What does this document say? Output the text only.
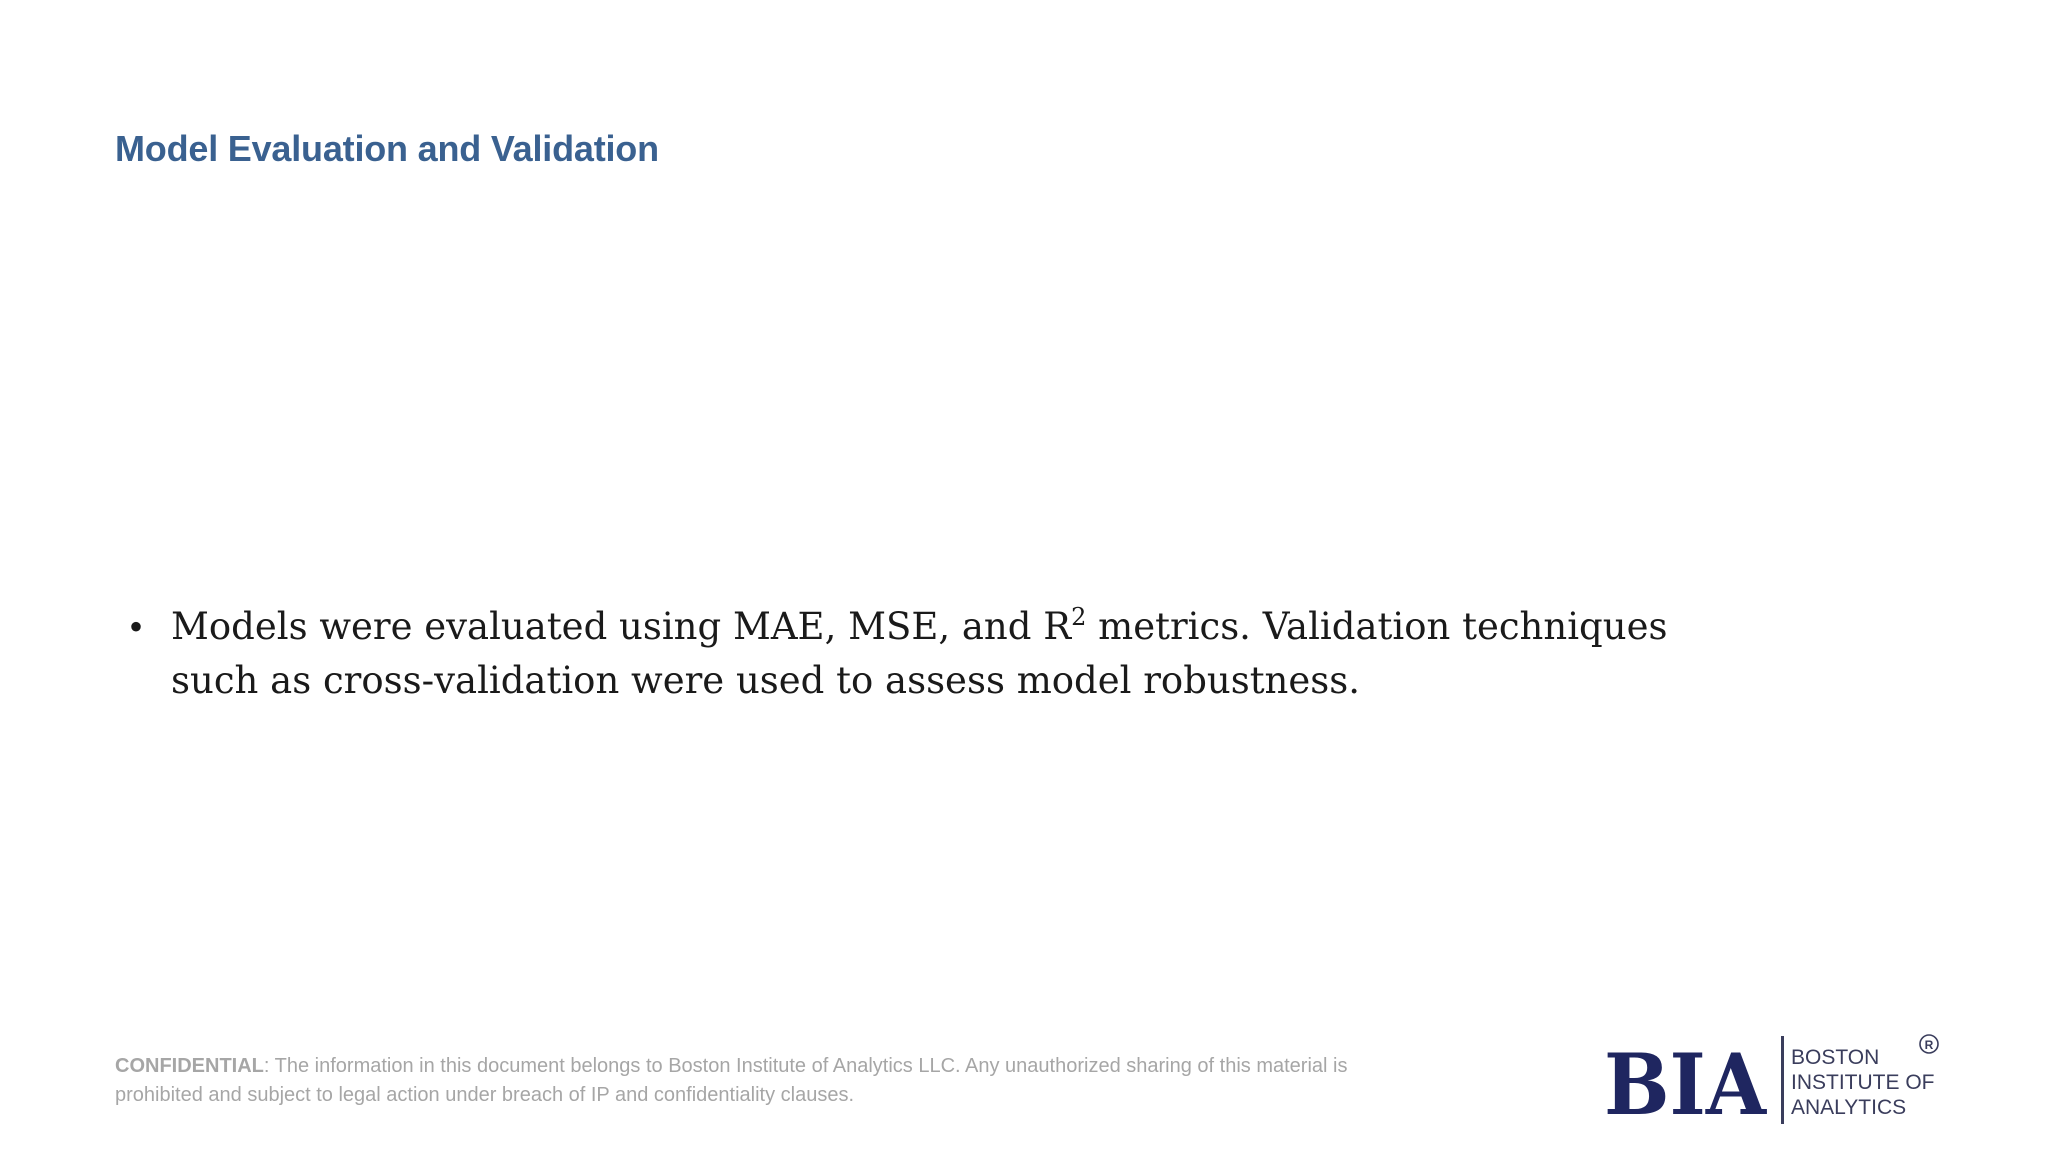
Model Evaluation and Validation
• Models were evaluated using MAE, MSE, and $R^2$ metrics. Validation techniques such as cross-validation were used to assess model robustness.

CONFIDENTIAL: The information in this document belongs to Boston Institute of Analytics LLC. Any unauthorized sharing of this material is prohibited and subject to legal action under breach of IP and confidentiality clauses.	BIA BOSTON
INSTITUTE OF
ANALYTICS
R
